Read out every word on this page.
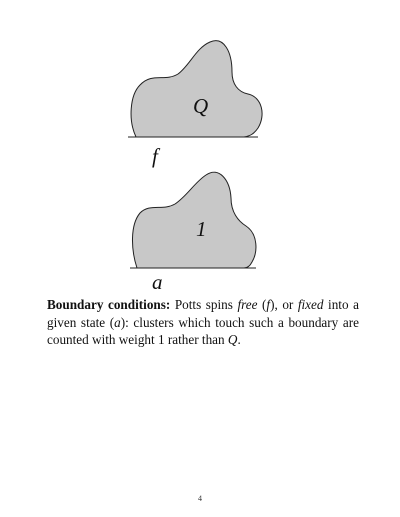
Q
f
1
a
Boundary conditions: Potts spins free (f), or fixed into a given state (a): clusters which touch such a boundary are counted with weight 1 rather than Q.
4
